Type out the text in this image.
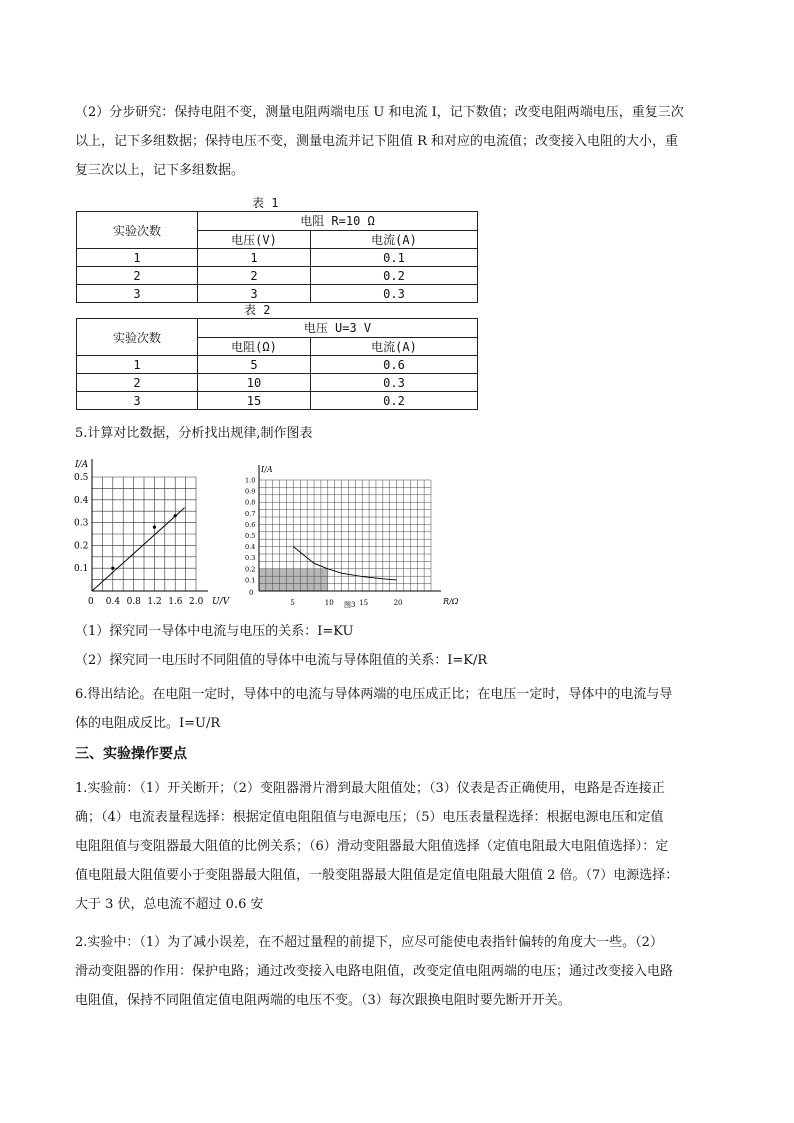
（2）分步研究：保持电阻不变，测量电阻两端电压 U 和电流 I，记下数值；改变电阻两端电压，重复三次

以上，记下多组数据；保持电压不变，测量电流并记下阻值 R 和对应的电流值；改变接入电阻的大小，重

复三次以上，记下多组数据。

表 1
实验次数	电阻 R=10 Ω	
	电压(V)	电流(A)
1	1	0.1
2	2	0.2
3	3	0.3
表 2
实验次数	电压 U=3 V	
	电阻(Ω)	电流(A)
1	5	0.6
2	10	0.3
3	15	0.2

5.计算对比数据，分析找出规律,制作图表

I/A
U/V
0 0.4 0.8 1.2 1.6 2.0
0.1
0.2
0.3
0.4
0.5
I/A
R/Ω
0
图3
5	10	15	20
0.1
0.2
0.3
0.4
0.5
0.6
0.7
0.8
0.9
1.0

（1）探究同一导体中电流与电压的关系：I=KU

（2）探究同一电压时不同阻值的导体中电流与导体阻值的关系：I=K/R

6.得出结论。在电阻一定时，导体中的电流与导体两端的电压成正比；在电压一定时，导体中的电流与导

体的电阻成反比。I=U/R

三、实验操作要点

1.实验前：（1）开关断开；（2）变阻器滑片滑到最大阻值处；（3）仪表是否正确使用，电路是否连接正

确；（4）电流表量程选择：根据定值电阻阻值与电源电压；（5）电压表量程选择：根据电源电压和定值

电阻阻值与变阻器最大阻值的比例关系；（6）滑动变阻器最大阻值选择（定值电阻最大电阻值选择）：定

值电阻最大阻值要小于变阻器最大阻值，一般变阻器最大阻值是定值电阻最大阻值 2 倍。（7）电源选择：

大于 3 伏，总电流不超过 0.6 安

2.实验中：（1）为了减小误差，在不超过量程的前提下，应尽可能使电表指针偏转的角度大一些。（2）

滑动变阻器的作用：保护电路；通过改变接入电路电阻值，改变定值电阻两端的电压；通过改变接入电路

电阻值，保持不同阻值定值电阻两端的电压不变。（3）每次跟换电阻时要先断开开关。
